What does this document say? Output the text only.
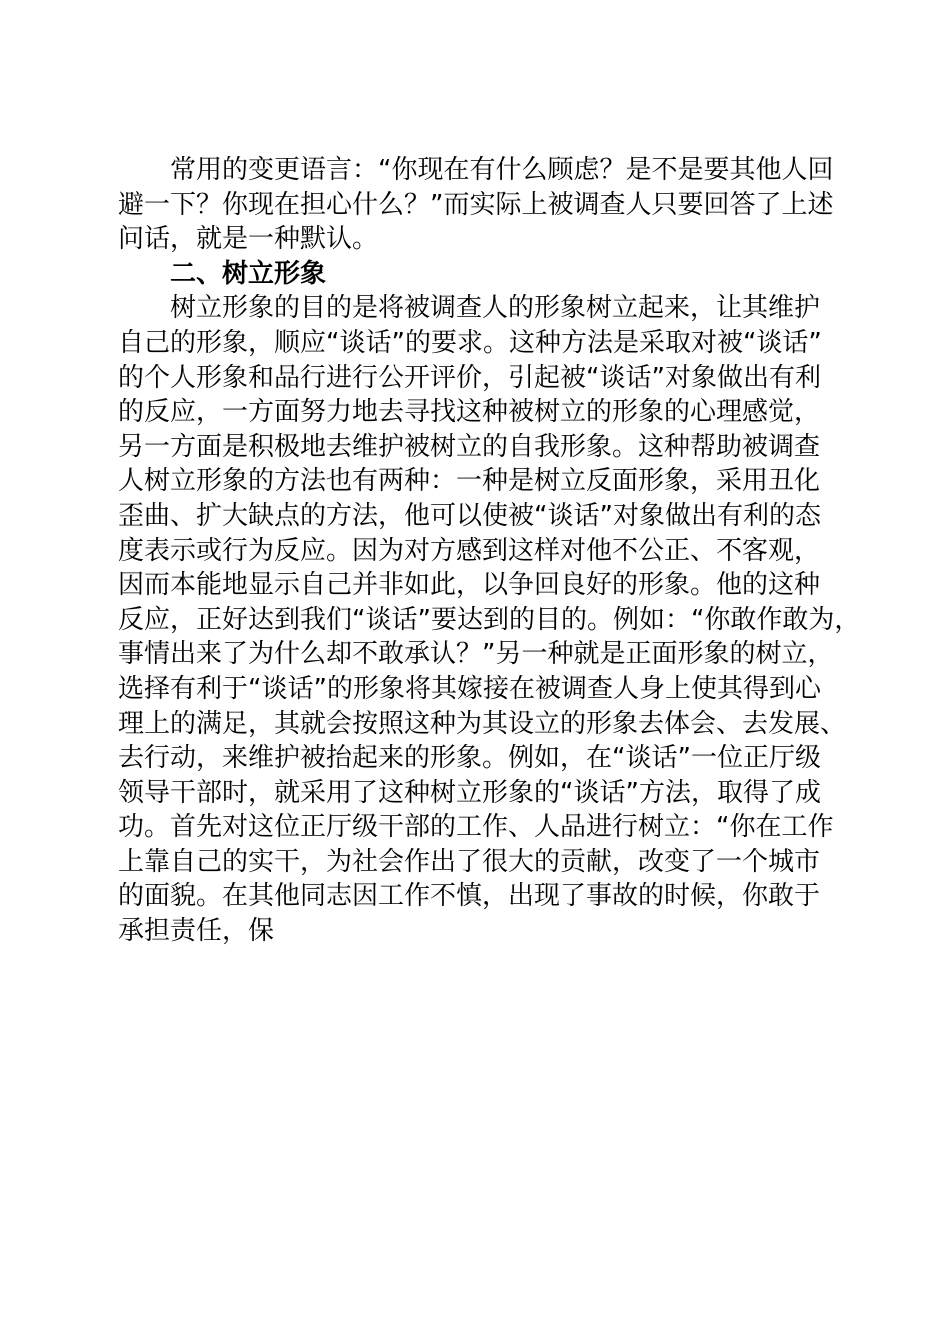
常用的变更语言：“你现在有什么顾虑？是不是要其他人回
避一下？你现在担心什么？”而实际上被调查人只要回答了上述
问话，就是一种默认。
二、树立形象
树立形象的目的是将被调查人的形象树立起来，让其维护
自己的形象，顺应“谈话”的要求。这种方法是采取对被“谈话”
的个人形象和品行进行公开评价，引起被“谈话”对象做出有利
的反应，一方面努力地去寻找这种被树立的形象的心理感觉，
另一方面是积极地去维护被树立的自我形象。这种帮助被调查
人树立形象的方法也有两种：一种是树立反面形象，采用丑化
歪曲、扩大缺点的方法，他可以使被“谈话”对象做出有利的态
度表示或行为反应。因为对方感到这样对他不公正、不客观，
因而本能地显示自己并非如此，以争回良好的形象。他的这种
反应，正好达到我们“谈话”要达到的目的。例如：“你敢作敢为，
事情出来了为什么却不敢承认？”另一种就是正面形象的树立，
选择有利于“谈话”的形象将其嫁接在被调查人身上使其得到心
理上的满足，其就会按照这种为其设立的形象去体会、去发展、
去行动，来维护被抬起来的形象。例如，在“谈话”一位正厅级
领导干部时，就采用了这种树立形象的“谈话”方法，取得了成
功。首先对这位正厅级干部的工作、人品进行树立：“你在工作
上靠自己的实干，为社会作出了很大的贡献，改变了一个城市
的面貌。在其他同志因工作不慎，出现了事故的时候，你敢于
承担责任，保
